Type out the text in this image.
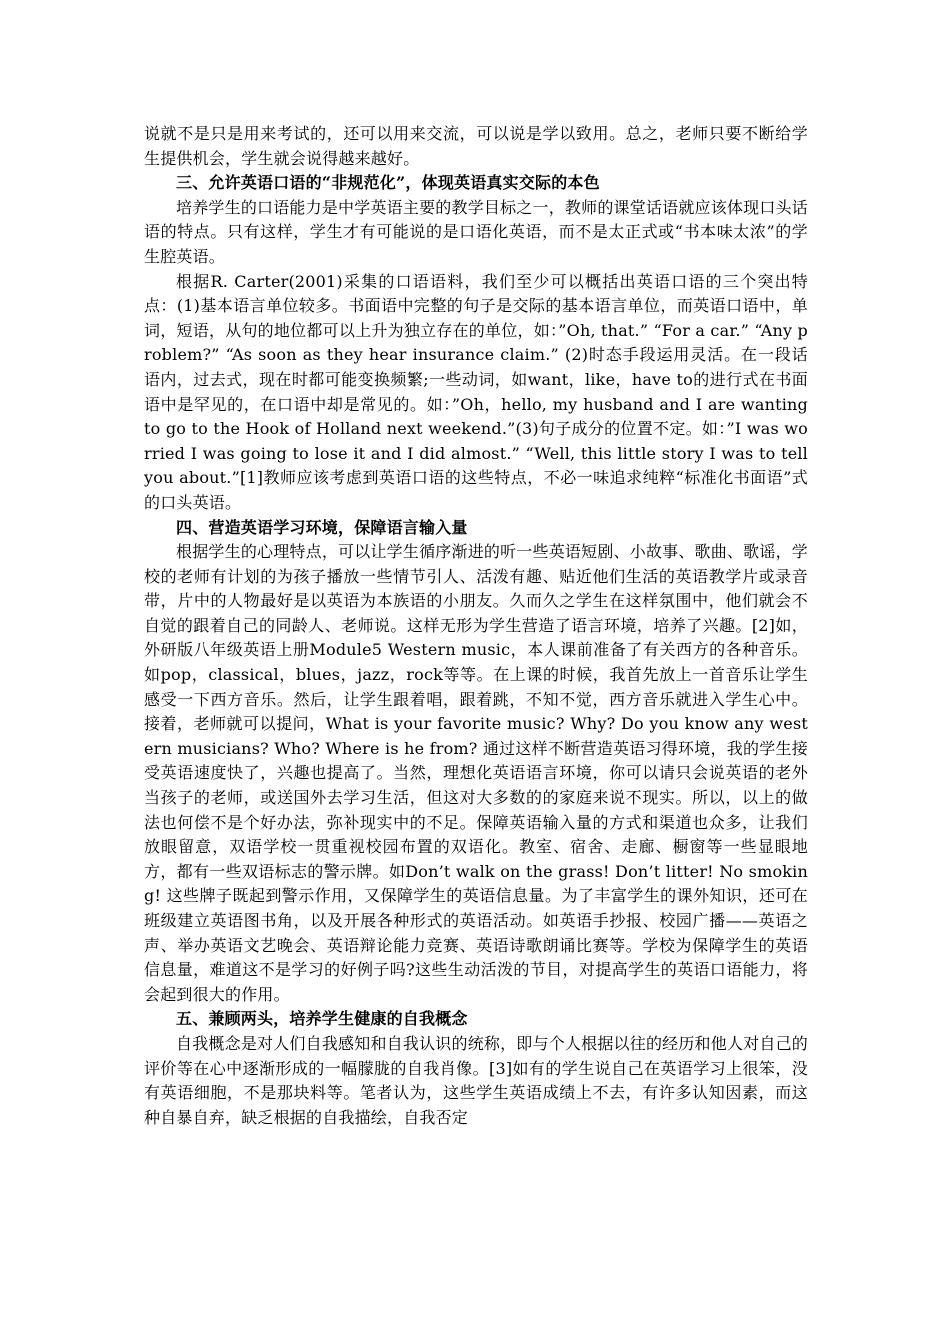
说就不是只是用来考试的，还可以用来交流，可以说是学以致用。总之，老师只要不断给学生提供机会，学生就会说得越来越好。

三、允许英语口语的“非规范化”，体现英语真实交际的本色

培养学生的口语能力是中学英语主要的教学目标之一，教师的课堂话语就应该体现口头话语的特点。只有这样，学生才有可能说的是口语化英语，而不是太正式或“书本味太浓”的学生腔英语。

根据R. Carter(2001)采集的口语语料，我们至少可以概括出英语口语的三个突出特点：(1)基本语言单位较多。书面语中完整的句子是交际的基本语言单位，而英语口语中，单词，短语，从句的地位都可以上升为独立存在的单位，如：”Oh, that.” “For a car.” “Any problem?” “As soon as they hear insurance claim.” (2)时态手段运用灵活。在一段话语内，过去式，现在时都可能变换频繁;一些动词，如want，like，have to的进行式在书面语中是罕见的，在口语中却是常见的。如：”Oh，hello, my husband and I are wanting to go to the Hook of Holland next weekend.”(3)句子成分的位置不定。如：”I was worried I was going to lose it and I did almost.” “Well, this little story I was to tell you about.”[1]教师应该考虑到英语口语的这些特点，不必一味追求纯粹“标准化书面语”式的口头英语。

四、营造英语学习环境，保障语言输入量

根据学生的心理特点，可以让学生循序渐进的听一些英语短剧、小故事、歌曲、歌谣，学校的老师有计划的为孩子播放一些情节引人、活泼有趣、贴近他们生活的英语教学片或录音带，片中的人物最好是以英语为本族语的小朋友。久而久之学生在这样氛围中，他们就会不自觉的跟着自己的同龄人、老师说。这样无形为学生营造了语言环境，培养了兴趣。[2]如，外研版八年级英语上册Module5 Western music，本人课前准备了有关西方的各种音乐。如pop，classical，blues，jazz，rock等等。在上课的时候，我首先放上一首音乐让学生感受一下西方音乐。然后，让学生跟着唱，跟着跳，不知不觉，西方音乐就进入学生心中。接着，老师就可以提问，What is your favorite music? Why? Do you know any western musicians? Who? Where is he from? 通过这样不断营造英语习得环境，我的学生接受英语速度快了，兴趣也提高了。当然，理想化英语语言环境，你可以请只会说英语的老外当孩子的老师，或送国外去学习生活，但这对大多数的的家庭来说不现实。所以，以上的做法也何偿不是个好办法，弥补现实中的不足。保障英语输入量的方式和渠道也众多，让我们放眼留意，双语学校一贯重视校园布置的双语化。教室、宿舍、走廊、橱窗等一些显眼地方，都有一些双语标志的警示牌。如Don’t walk on the grass! Don’t litter! No smoking! 这些牌子既起到警示作用，又保障学生的英语信息量。为了丰富学生的课外知识，还可在班级建立英语图书角，以及开展各种形式的英语活动。如英语手抄报、校园广播——英语之声、举办英语文艺晚会、英语辩论能力竞赛、英语诗歌朗诵比赛等。学校为保障学生的英语信息量，难道这不是学习的好例子吗?这些生动活泼的节目，对提高学生的英语口语能力，将会起到很大的作用。

五、兼顾两头，培养学生健康的自我概念

自我概念是对人们自我感知和自我认识的统称，即与个人根据以往的经历和他人对自己的评价等在心中逐渐形成的一幅朦胧的自我肖像。[3]如有的学生说自己在英语学习上很笨，没有英语细胞，不是那块料等。笔者认为，这些学生英语成绩上不去，有许多认知因素，而这种自暴自弃，缺乏根据的自我描绘，自我否定
